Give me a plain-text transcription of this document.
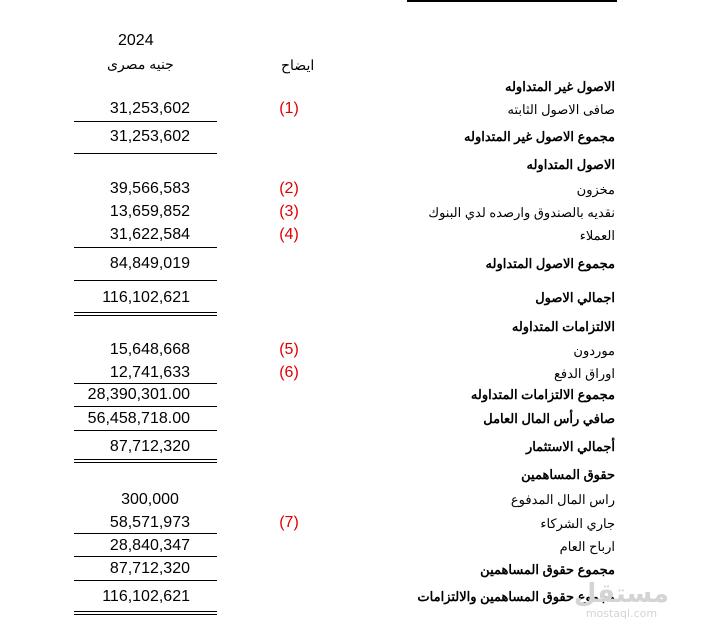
2024
جنيه مصرى	ايضاح
الاصول غير المتداوله
صافى الاصول الثابته
(1)
31,253,602
مجموع الاصول غير المتداوله
31,253,602
الاصول المتداوله
مخزون
(2)
39,566,583
نقديه بالصندوق وارصده لدي البنوك
(3)
13,659,852
العملاء
(4)
31,622,584
مجموع الاصول المتداوله
84,849,019
اجمالي الاصول
116,102,621
الالتزامات المتداوله
موردون
(5)
15,648,668
اوراق الدفع
(6)
12,741,633
مجموع الالتزامات المتداوله
28,390,301.00
صافي رأس المال العامل
56,458,718.00
أجمالي الاستثمار
87,712,320
حقوق المساهمين
راس المال المدفوع
300,000
جاري الشركاء
(7)
58,571,973
ارباح العام
28,840,347
مجموع حقوق المساهمين
87,712,320
مجموع حقوق المساهمين والالتزامات
116,102,621	مستقل
mostaql.com
